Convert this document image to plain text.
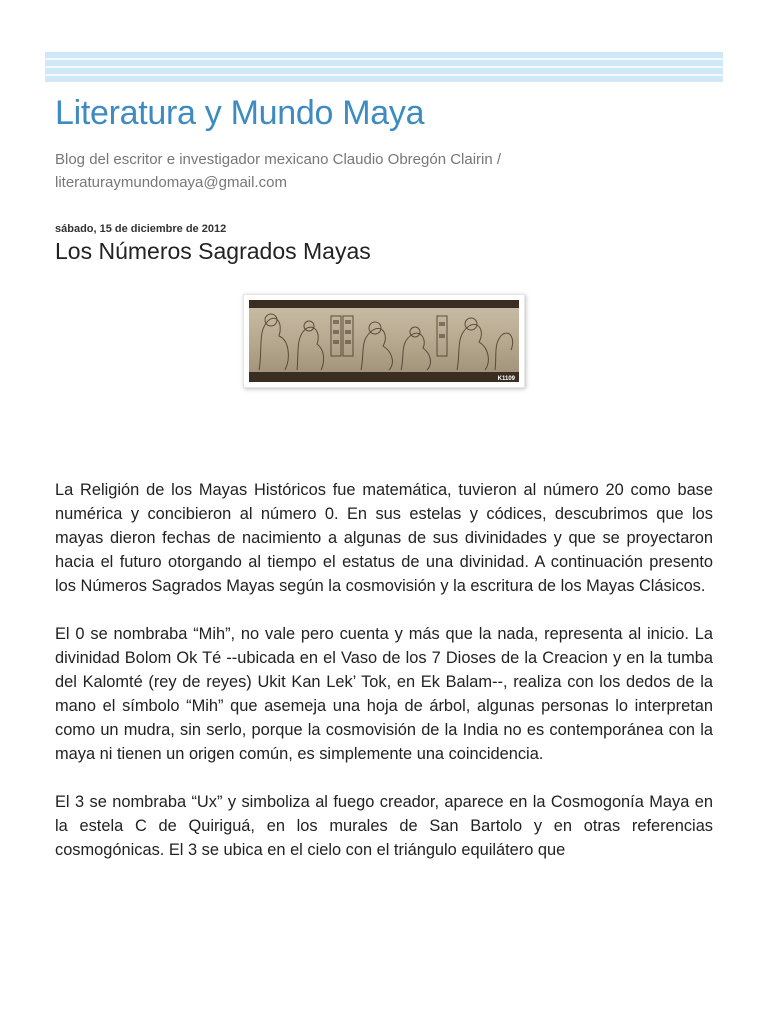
Literatura y Mundo Maya

Blog del escritor e investigador mexicano Claudio Obregón Clairin / literaturaymundomaya@gmail.com

sábado, 15 de diciembre de 2012
Los Números Sagrados Mayas
K1109

La Religión de los Mayas Históricos fue matemática, tuvieron al número 20 como base numérica y concibieron al número 0. En sus estelas y códices, descubrimos que los mayas dieron fechas de nacimiento a algunas de sus divinidades y que se proyectaron hacia el futuro otorgando al tiempo el estatus de una divinidad. A continuación presento los Números Sagrados Mayas según la cosmovisión y la escritura de los Mayas Clásicos.

El 0 se nombraba “Mih”, no vale pero cuenta y más que la nada, representa al inicio. La divinidad Bolom Ok Té --ubicada en el Vaso de los 7 Dioses de la Creacion y en la tumba del Kalomté (rey de reyes) Ukit Kan Lek’ Tok, en Ek Balam--, realiza con los dedos de la mano el símbolo “Mih” que asemeja una hoja de árbol, algunas personas lo interpretan como un mudra, sin serlo, porque la cosmovisión de la India no es contemporánea con la maya ni tienen un origen común, es simplemente una coincidencia.

El 3 se nombraba “Ux” y simboliza al fuego creador, aparece en la Cosmogonía Maya en la estela C de Quiriguá, en los murales de San Bartolo y en otras referencias cosmogónicas. El 3 se ubica en el cielo con el triángulo equilátero que
